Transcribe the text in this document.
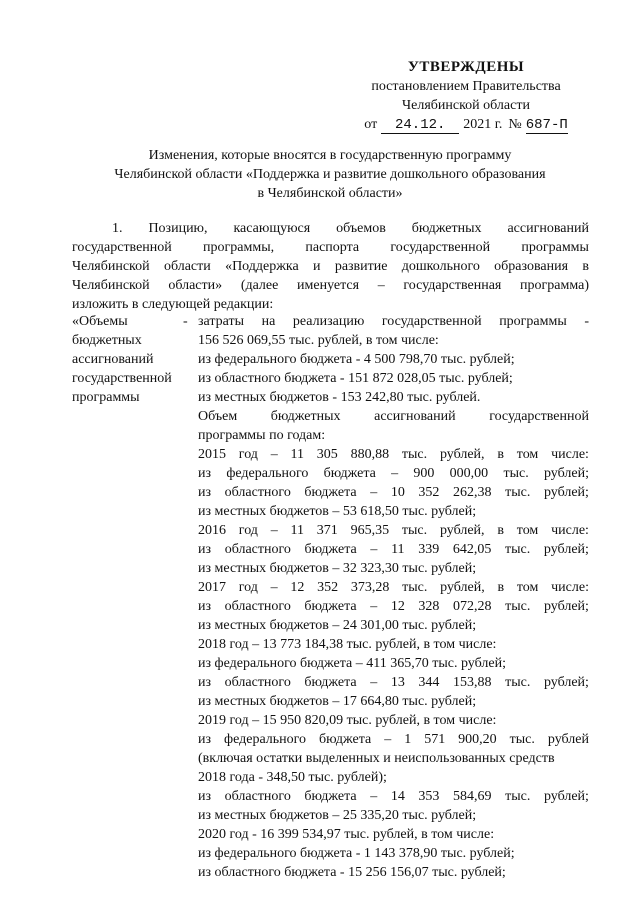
УТВЕРЖДЕНЫ
постановлением Правительства
Челябинской области
от	24.12.	2021 г. № 687-П
Изменения, которые вносятся в государственную программу
Челябинской области «Поддержка и развитие дошкольного образования
в Челябинской области»
1. Позицию, касающуюся объемов бюджетных ассигнований
государственной программы, паспорта государственной программы
Челябинской области «Поддержка и развитие дошкольного образования в
Челябинской области» (далее именуется – государственная программа)
изложить в следующей редакции:
«Объемы
бюджетных
ассигнований
государственной
программы
- затраты на реализацию государственной программы -
156 526 069,55 тыс. рублей, в том числе:
из федерального бюджета - 4 500 798,70 тыс. рублей;
из областного бюджета - 151 872 028,05 тыс. рублей;
из местных бюджетов - 153 242,80 тыс. рублей.
Объем бюджетных ассигнований государственной
программы по годам:
2015 год – 11 305 880,88 тыс. рублей, в том числе:
из федерального бюджета – 900 000,00 тыс. рублей;
из областного бюджета – 10 352 262,38 тыс. рублей;
из местных бюджетов – 53 618,50 тыс. рублей;
2016 год – 11 371 965,35 тыс. рублей, в том числе:
из областного бюджета – 11 339 642,05 тыс. рублей;
из местных бюджетов – 32 323,30 тыс. рублей;
2017 год – 12 352 373,28 тыс. рублей, в том числе:
из областного бюджета – 12 328 072,28 тыс. рублей;
из местных бюджетов – 24 301,00 тыс. рублей;
2018 год – 13 773 184,38 тыс. рублей, в том числе:
из федерального бюджета – 411 365,70 тыс. рублей;
из областного бюджета – 13 344 153,88 тыс. рублей;
из местных бюджетов – 17 664,80 тыс. рублей;
2019 год – 15 950 820,09 тыс. рублей, в том числе:
из федерального бюджета – 1 571 900,20 тыс. рублей
(включая остатки выделенных и неиспользованных средств
2018 года - 348,50 тыс. рублей);
из областного бюджета – 14 353 584,69 тыс. рублей;
из местных бюджетов – 25 335,20 тыс. рублей;
2020 год - 16 399 534,97 тыс. рублей, в том числе:
из федерального бюджета - 1 143 378,90 тыс. рублей;
из областного бюджета - 15 256 156,07 тыс. рублей;
